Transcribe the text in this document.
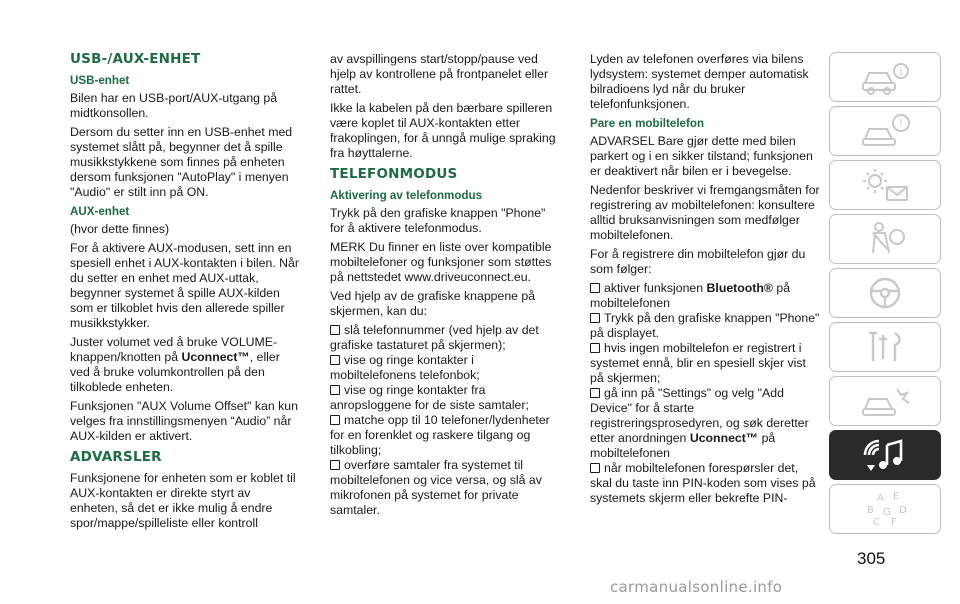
USB-/AUX-ENHET
USB-enhet

Bilen har en USB-port/AUX-utgang på midtkonsollen.

Dersom du setter inn en USB-enhet med systemet slått på, begynner det å spille musikkstykkene som finnes på enheten dersom funksjonen "AutoPlay" i menyen "Audio" er stilt inn på ON.

AUX-enhet

(hvor dette finnes)

For å aktivere AUX-modusen, sett inn en spesiell enhet i AUX-kontakten i bilen. Når du setter en enhet med AUX-uttak, begynner systemet å spille AUX-kilden som er tilkoblet hvis den allerede spiller musikkstykker.

Juster volumet ved å bruke VOLUME-knappen/knotten på Uconnect™, eller ved å bruke volumkontrollen på den tilkoblede enheten.

Funksjonen "AUX Volume Offset" kan kun velges fra innstillingsmenyen “Audio” når AUX-kilden er aktivert.

ADVARSLER

Funksjonene for enheten som er koblet til AUX-kontakten er direkte styrt av enheten, så det er ikke mulig å endre spor/mappe/spilleliste eller kontroll

av avspillingens start/stopp/pause ved hjelp av kontrollene på frontpanelet eller rattet.

Ikke la kabelen på den bærbare spilleren være koplet til AUX-kontakten etter frakoplingen, for å unngå mulige spraking fra høyttalerne.

TELEFONMODUS
Aktivering av telefonmodus

Trykk på den grafiske knappen "Phone" for å aktivere telefonmodus.

MERK Du finner en liste over kompatible mobiltelefoner og funksjoner som støttes på nettstedet www.driveuconnect.eu.

Ved hjelp av de grafiske knappene på skjermen, kan du:

slå telefonnummer (ved hjelp av det grafiske tastaturet på skjermen);

vise og ringe kontakter i mobiltelefonens telefonbok;

vise og ringe kontakter fra anropsloggene for de siste samtaler;

matche opp til 10 telefoner/lydenheter for en forenklet og raskere tilgang og tilkobling;

overføre samtaler fra systemet til mobiltelefonen og vice versa, og slå av mikrofonen på systemet for private samtaler.

Lyden av telefonen overføres via bilens lydsystem: systemet demper automatisk bilradioens lyd når du bruker telefonfunksjonen.

Pare en mobiltelefon

ADVARSEL Bare gjør dette med bilen parkert og i en sikker tilstand; funksjonen er deaktivert når bilen er i bevegelse.

Nedenfor beskriver vi fremgangsmåten for registrering av mobiltelefonen: konsultere alltid bruksanvisningen som medfølger mobiltelefonen.

For å registrere din mobiltelefon gjør du som følger:

aktiver funksjonen Bluetooth® på mobiltelefonen

Trykk på den grafiske knappen "Phone" på displayet.

hvis ingen mobiltelefon er registrert i systemet ennå, blir en spesiell skjer vist på skjermen;

gå inn på "Settings" og velg "Add Device" for å starte registreringsprosedyren, og søk deretter etter anordningen Uconnect™ på mobiltelefonen

når mobiltelefonen forespørsler det, skal du taste inn PIN-koden som vises på systemets skjerm eller bekrefte PIN-

i
!
A E
B G D
C F
305
carmanualsonline.info
